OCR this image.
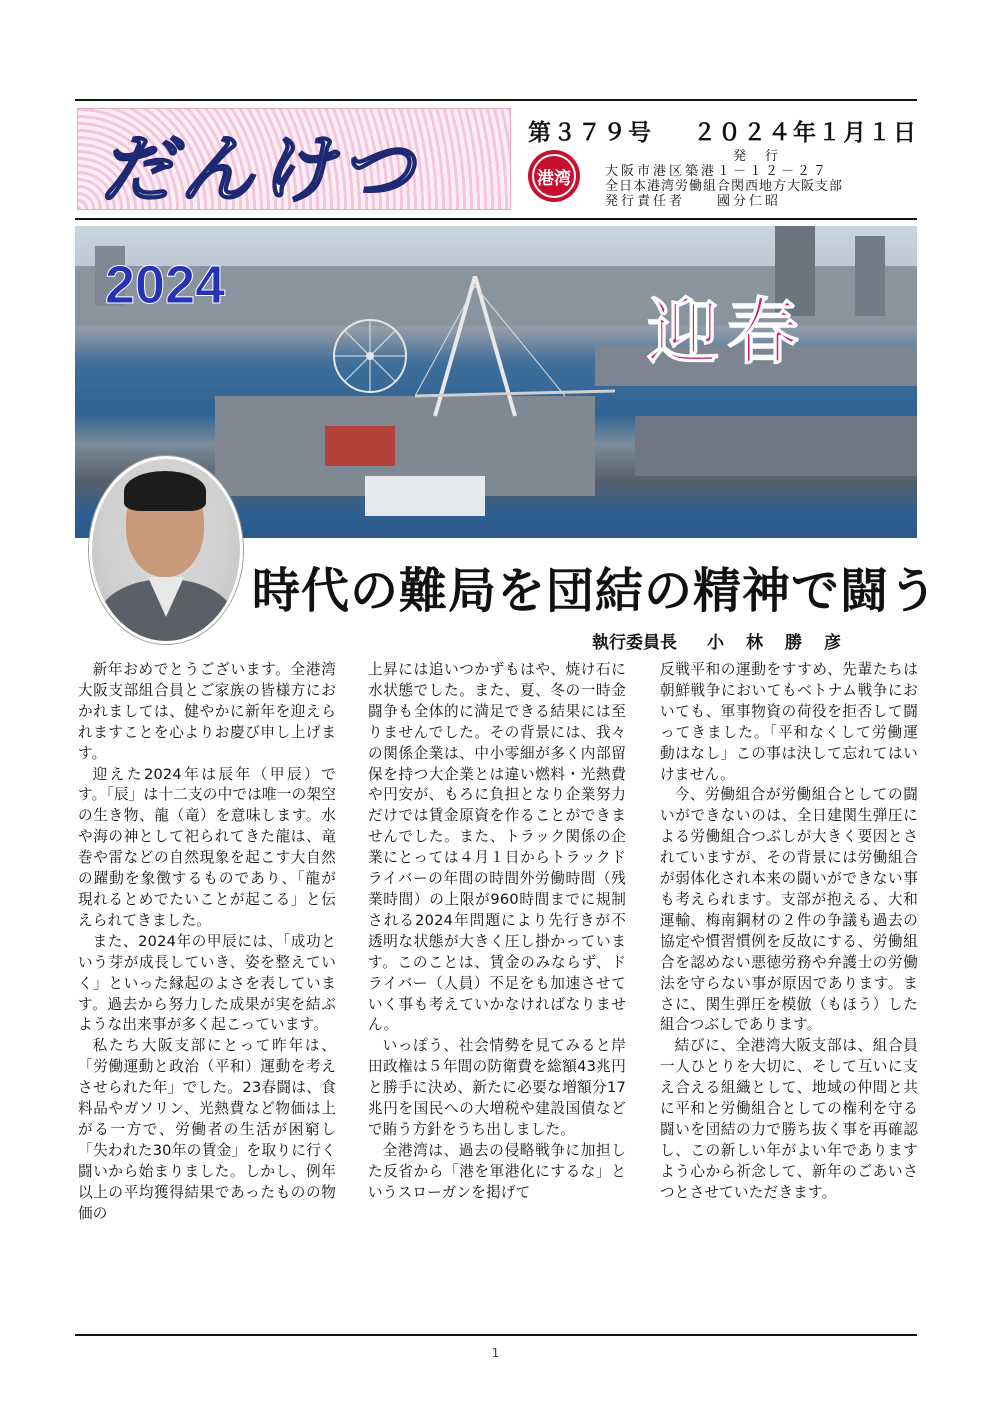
だんけつ	第３７９号 ２０２４年１月１日
港湾
発　行
大阪市港区築港１－１２－２７
全日本港湾労働組合関西地方大阪支部
発行責任者　　國分仁昭
2024
迎春
時代の難局を団結の精神で闘う
執行委員長 小林勝彦

新年おめでとうございます。全港湾大阪支部組合員とご家族の皆様方におかれましては、健やかに新年を迎えられますことを心よりお慶び申し上げます。

迎えた2024年は辰年（甲辰）です。「辰」は十二支の中では唯一の架空の生き物、龍（竜）を意味します。水や海の神として祀られてきた龍は、竜巻や雷などの自然現象を起こす大自然の躍動を象徴するものであり、「龍が現れるとめでたいことが起こる」と伝えられてきました。

また、2024年の甲辰には、「成功という芽が成長していき、姿を整えていく」といった縁起のよさを表しています。過去から努力した成果が実を結ぶような出来事が多く起こっています。

私たち大阪支部にとって昨年は、「労働運動と政治（平和）運動を考えさせられた年」でした。23春闘は、食料品やガソリン、光熱費など物価は上がる一方で、労働者の生活が困窮し「失われた30年の賃金」を取りに行く闘いから始まりました。しかし、例年以上の平均獲得結果であったものの物価の

上昇には追いつかずもはや、焼け石に水状態でした。また、夏、冬の一時金闘争も全体的に満足できる結果には至りませんでした。その背景には、我々の関係企業は、中小零細が多く内部留保を持つ大企業とは違い燃料・光熱費や円安が、もろに負担となり企業努力だけでは賃金原資を作ることができませんでした。また、トラック関係の企業にとっては４月１日からトラックドライバーの年間の時間外労働時間（残業時間）の上限が960時間までに規制される2024年問題により先行きが不透明な状態が大きく圧し掛かっています。このことは、賃金のみならず、ドライバー（人員）不足をも加速させていく事も考えていかなければなりません。

いっぽう、社会情勢を見てみると岸田政権は５年間の防衛費を総額43兆円と勝手に決め、新たに必要な増額分17兆円を国民への大増税や建設国債などで賄う方針をうち出しました。

全港湾は、過去の侵略戦争に加担した反省から「港を軍港化にするな」というスローガンを掲げて

反戦平和の運動をすすめ、先輩たちは朝鮮戦争においてもベトナム戦争においても、軍事物資の荷役を拒否して闘ってきました。「平和なくして労働運動はなし」この事は決して忘れてはいけません。

今、労働組合が労働組合としての闘いができないのは、全日建関生弾圧による労働組合つぶしが大きく要因とされていますが、その背景には労働組合が弱体化され本来の闘いができない事も考えられます。支部が抱える、大和運輸、梅南鋼材の２件の争議も過去の協定や慣習慣例を反故にする、労働組合を認めない悪徳労務や弁護士の労働法を守らない事が原因であります。まさに、関生弾圧を模倣（もほう）した組合つぶしであります。

結びに、全港湾大阪支部は、組合員一人ひとりを大切に、そして互いに支え合える組織として、地域の仲間と共に平和と労働組合としての権利を守る闘いを団結の力で勝ち抜く事を再確認し、この新しい年がよい年でありますよう心から祈念して、新年のごあいさつとさせていただきます。

1
